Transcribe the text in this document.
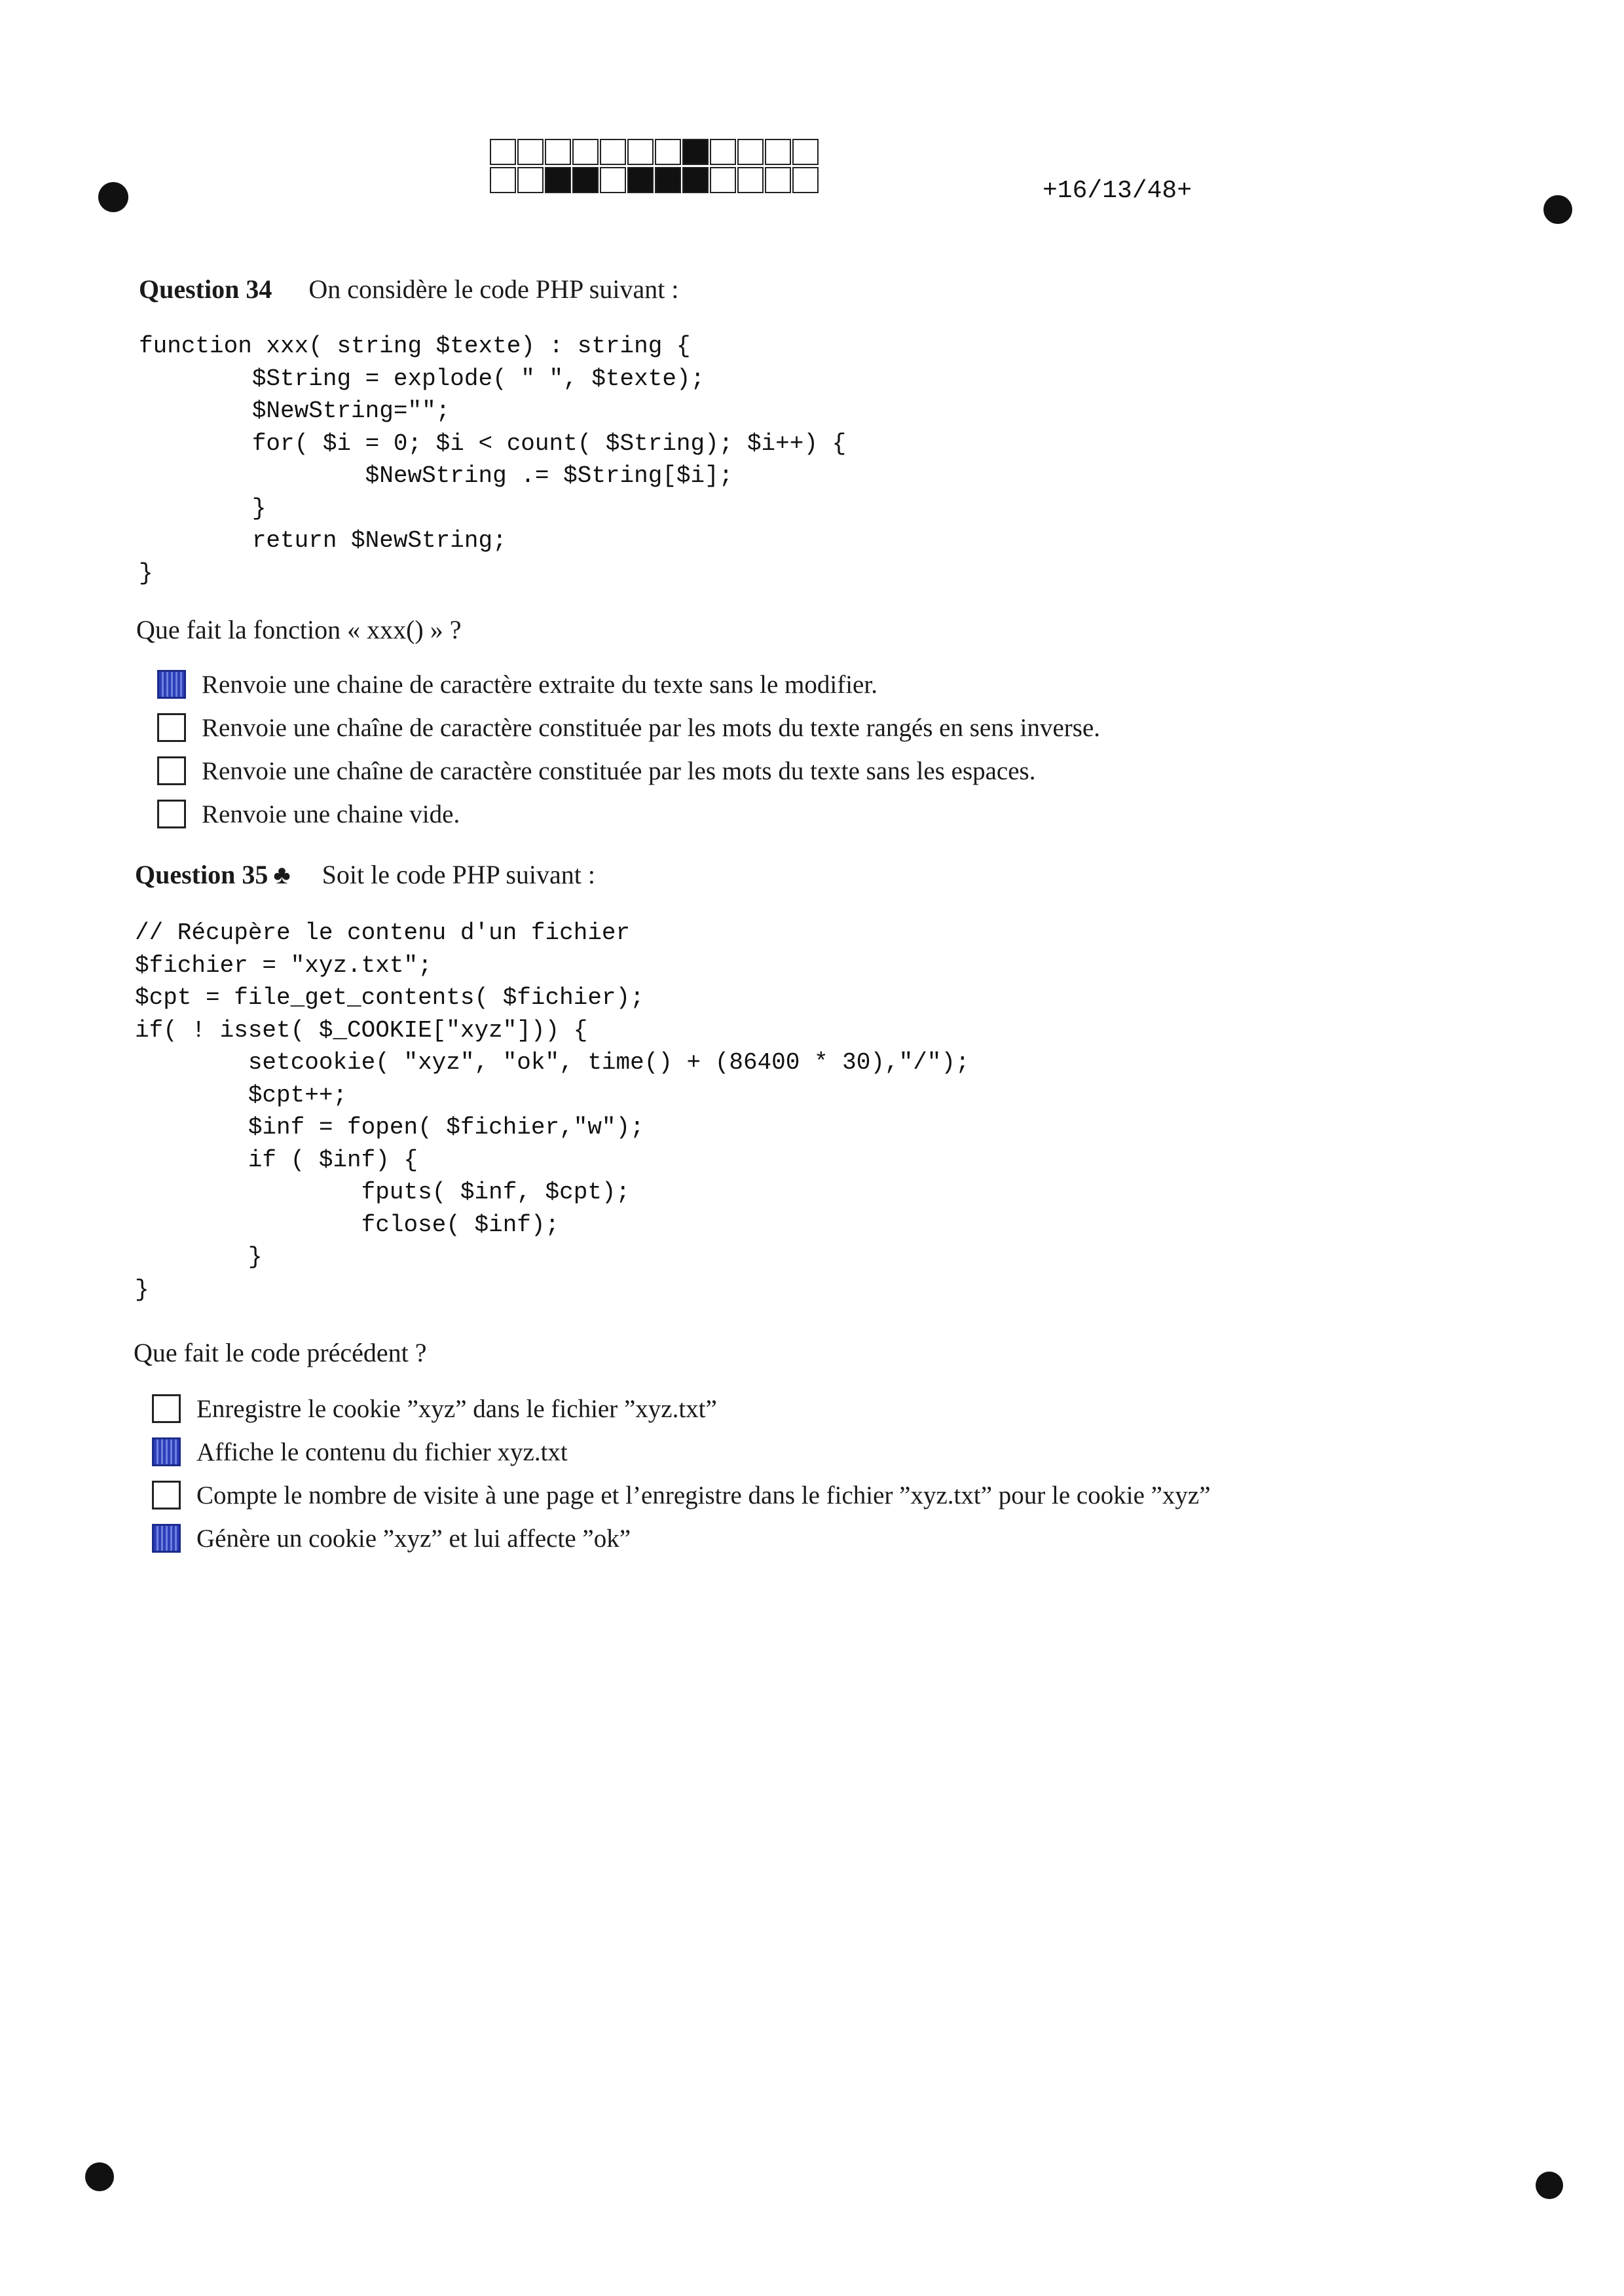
+16/13/48+
Question 34 On considère le code PHP suivant :
function xxx( string $texte) : string {
$String = explode( " ", $texte);
$NewString="";
for( $i = 0; $i < count( $String); $i++) {
$NewString .= $String[$i];
}
return $NewString;
}
Que fait la fonction « xxx() » ?
Renvoie une chaine de caractère extraite du texte sans le modifier.
Renvoie une chaîne de caractère constituée par les mots du texte rangés en sens inverse.
Renvoie une chaîne de caractère constituée par les mots du texte sans les espaces.
Renvoie une chaine vide.
Question 35 ♣ Soit le code PHP suivant :
// Récupère le contenu d'un fichier
$fichier = "xyz.txt";
$cpt = file_get_contents( $fichier);
if( ! isset( $_COOKIE["xyz"])) {
setcookie( "xyz", "ok", time() + (86400 * 30),"/");
$cpt++;
$inf = fopen( $fichier,"w");
if ( $inf) {
fputs( $inf, $cpt);
fclose( $inf);
}
}
Que fait le code précédent ?
Enregistre le cookie ”xyz” dans le fichier ”xyz.txt”
Affiche le contenu du fichier xyz.txt
Compte le nombre de visite à une page et l’enregistre dans le fichier ”xyz.txt” pour le cookie ”xyz”
Génère un cookie ”xyz” et lui affecte ”ok”
